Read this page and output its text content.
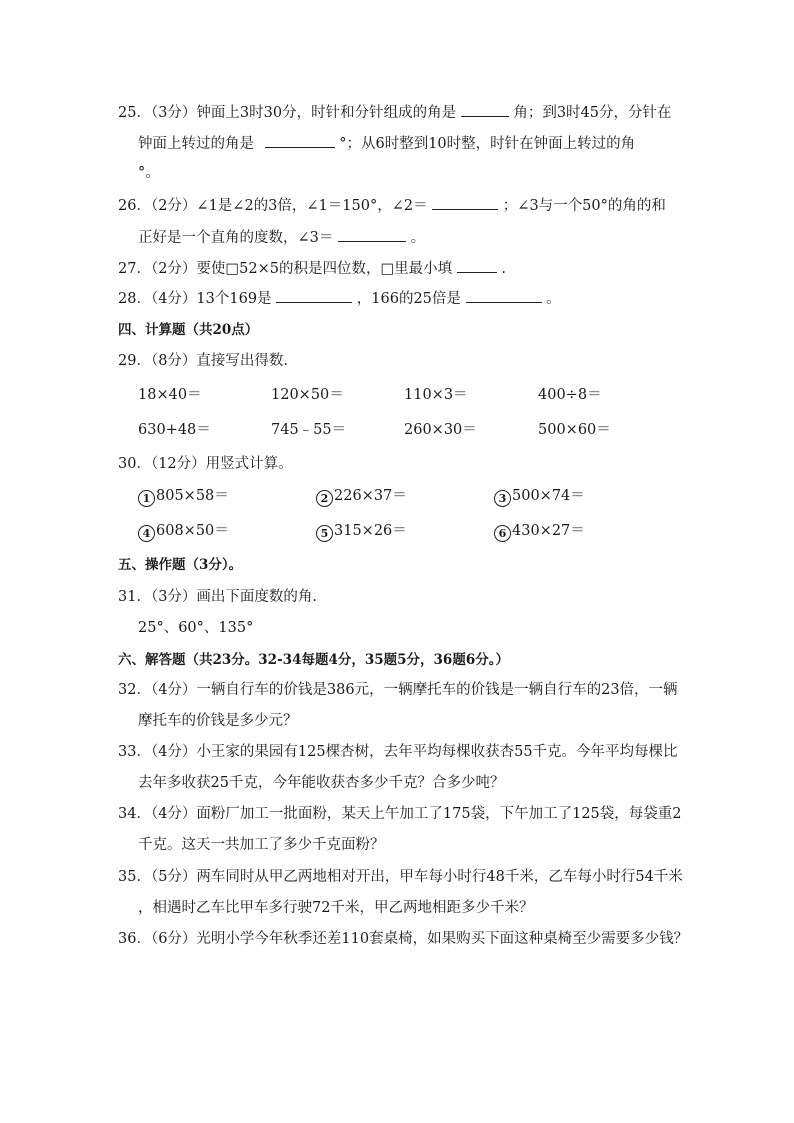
25．（3分）钟面上3时30分，时针和分针组成的角是	角；到3时45分，分针在
钟面上转过的角是	°；从6时整到10时整，时针在钟面上转过的角
°。
26．（2分）∠1是∠2的3倍，∠1＝150°，∠2＝	；∠3与一个50°的角的和
正好是一个直角的度数，∠3＝	。
27．（2分）要使□52×5的积是四位数，□里最小填	.
28．（4分）13个169是	，166的25倍是	。
四、计算题（共20点）
29．（8分）直接写出得数.
18×40＝	120×50＝	110×3＝	400÷8＝
630+48＝	745﹣55＝	260×30＝	500×60＝
30．（12分）用竖式计算。
1 805×58＝	2 226×37＝	3 500×74＝
4 608×50＝	5 315×26＝	6 430×27＝
五、操作题（3分）。
31．（3分）画出下面度数的角.
25°、60°、135°
六、解答题（共23分。32-34每题4分，35题5分，36题6分。）
32．（4分）一辆自行车的价钱是386元，一辆摩托车的价钱是一辆自行车的23倍，一辆
摩托车的价钱是多少元？
33．（4分）小王家的果园有125棵杏树，去年平均每棵收获杏55千克。今年平均每棵比
去年多收获25千克，今年能收获杏多少千克？合多少吨？
34．（4分）面粉厂加工一批面粉，某天上午加工了175袋，下午加工了125袋，每袋重2
千克。这天一共加工了多少千克面粉？
35．（5分）两车同时从甲乙两地相对开出，甲车每小时行48千米，乙车每小时行54千米
，相遇时乙车比甲车多行驶72千米，甲乙两地相距多少千米？
36．（6分）光明小学今年秋季还差110套桌椅，如果购买下面这种桌椅至少需要多少钱？
